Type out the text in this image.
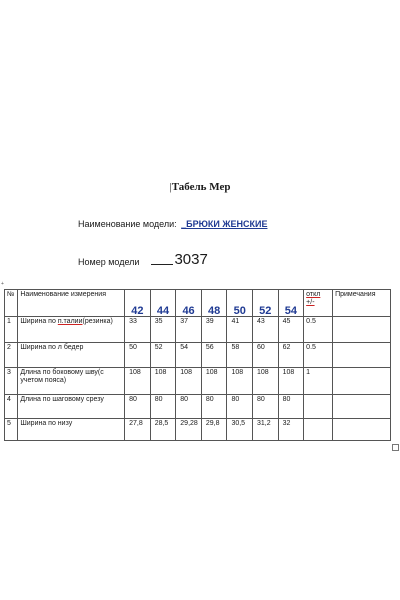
|Табель Мер
Наименование модели: _БРЮКИ ЖЕНСКИЕ
Номер модели 3037
+
№	Наименование измерения	42	44	46	48	50	52	54	откл +/-	Примечания
1	Ширина по п.талии(резинка)	33	35	37	39	41	43	45	0.5	
2	Ширина по л бедер	50	52	54	56	58	60	62	0.5	
3	Длина по боковому шву(с учетом пояса)	108	108	108	108	108	108	108	1	
4	Длина по шаговому срезу	80	80	80	80	80	80	80		
5	Ширина по низу	27,8	28,5	29,28	29,8	30,5	31,2	32		
